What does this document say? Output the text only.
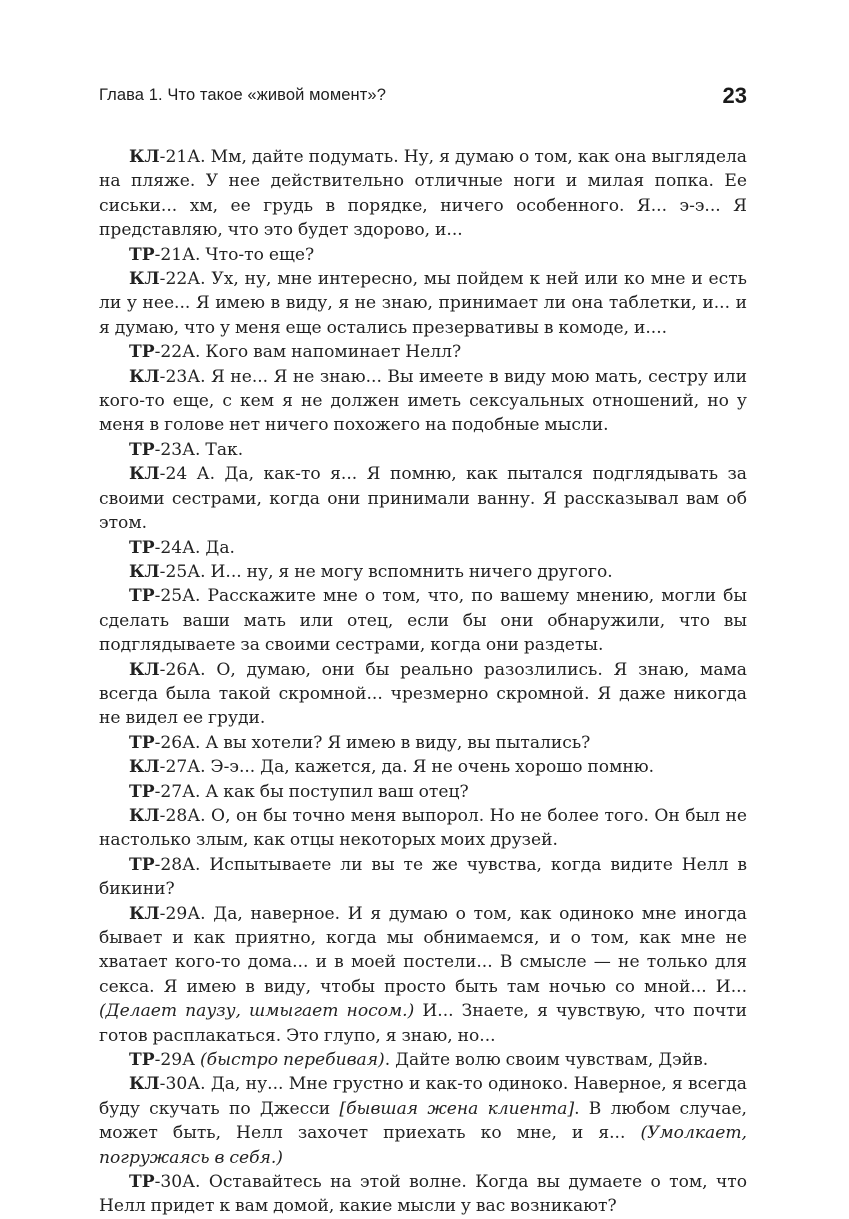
Глава 1. Что такое «живой момент»?	23

КЛ-21А. Мм, дайте подумать. Ну, я думаю о том, как она выглядела на пляже. У нее действительно отличные ноги и милая попка. Ее сиськи... хм, ее грудь в порядке, ничего особенного. Я... э-э... Я представляю, что это будет здорово, и...

ТР-21А. Что-то еще?

КЛ-22А. Ух, ну, мне интересно, мы пойдем к ней или ко мне и есть ли у нее... Я имею в виду, я не знаю, принимает ли она таблетки, и... и я думаю, что у меня еще остались презервативы в комоде, и....

ТР-22А. Кого вам напоминает Нелл?

КЛ-23А. Я не... Я не знаю... Вы имеете в виду мою мать, сестру или кого-то еще, с кем я не должен иметь сексуальных отношений, но у меня в голове нет ничего похожего на подобные мысли.

ТР-23А. Так.

КЛ-24 А. Да, как-то я... Я помню, как пытался подглядывать за своими сестрами, когда они принимали ванну. Я рассказывал вам об этом.

ТР-24А. Да.

КЛ-25А. И... ну, я не могу вспомнить ничего другого.

ТР-25А. Расскажите мне о том, что, по вашему мнению, могли бы сделать ваши мать или отец, если бы они обнаружили, что вы подглядываете за своими сестрами, когда они раздеты.

КЛ-26А. О, думаю, они бы реально разозлились. Я знаю, мама всегда была такой скромной... чрезмерно скромной. Я даже никогда не видел ее груди.

ТР-26А. А вы хотели? Я имею в виду, вы пытались?

КЛ-27А. Э-э... Да, кажется, да. Я не очень хорошо помню.

ТР-27А. А как бы поступил ваш отец?

КЛ-28А. О, он бы точно меня выпорол. Но не более того. Он был не настолько злым, как отцы некоторых моих друзей.

ТР-28А. Испытываете ли вы те же чувства, когда видите Нелл в бикини?

КЛ-29А. Да, наверное. И я думаю о том, как одиноко мне иногда бывает и как приятно, когда мы обнимаемся, и о том, как мне не хватает кого-то дома... и в моей постели... В смысле — не только для секса. Я имею в виду, чтобы просто быть там ночью со мной... И... (Делает паузу, шмыгает носом.) И... Знаете, я чувствую, что почти готов расплакаться. Это глупо, я знаю, но...

ТР-29А (быстро перебивая). Дайте волю своим чувствам, Дэйв.

КЛ-30А. Да, ну... Мне грустно и как-то одиноко. Наверное, я всегда буду скучать по Джесси [бывшая жена клиента]. В любом случае, может быть, Нелл захочет приехать ко мне, и я... (Умолкает, погружаясь в себя.)

ТР-30А. Оставайтесь на этой волне. Когда вы думаете о том, что Нелл придет к вам домой, какие мысли у вас возникают?
